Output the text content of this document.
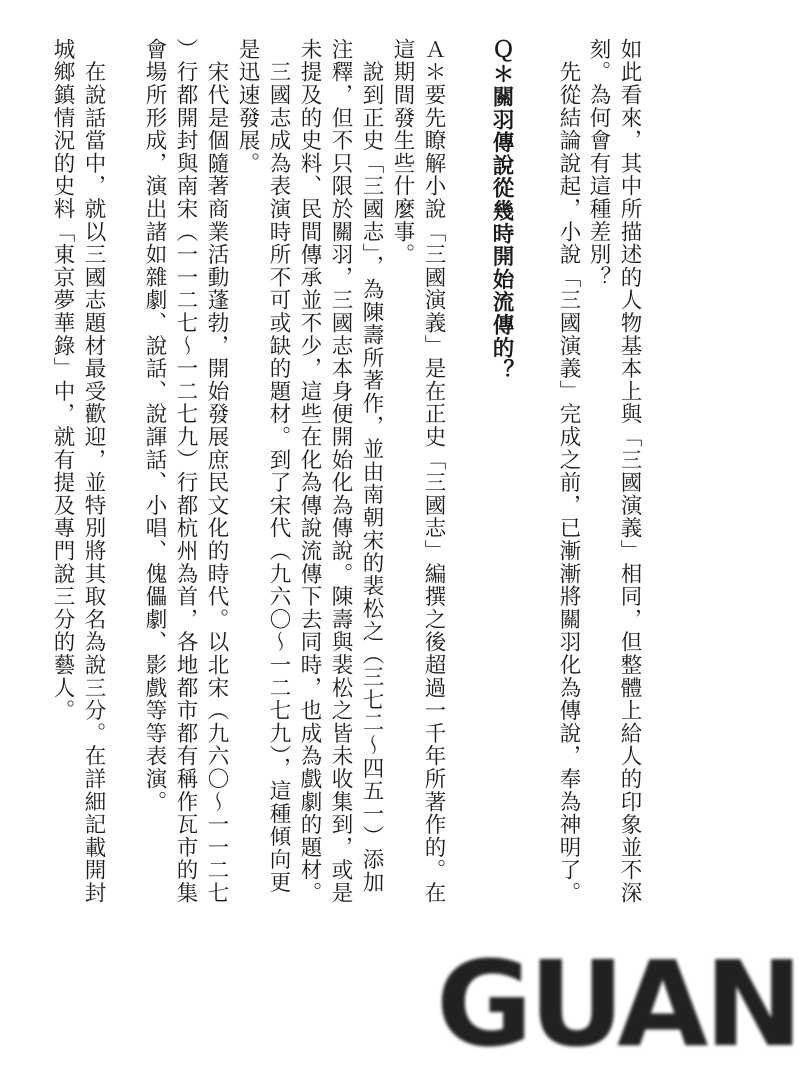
如此看來，其中所描述的人物基本上與「三國演義」相同，但整體上給人的印象並不深
刻。為何會有這種差別？
　先從結論說起，小說「三國演義」完成之前，已漸漸將關羽化為傳說，奉為神明了。
Ｑ＊關羽傳說從幾時開始流傳的？
Ａ＊要先瞭解小說「三國演義」是在正史「三國志」編撰之後超過一千年所著作的。在
這期間發生些什麼事。
　說到正史「三國志」，為陳壽所著作，並由南朝宋的裴松之（三七二〜四五一）添加
注釋，但不只限於關羽，三國志本身便開始化為傳說。陳壽與裴松之皆未收集到，或是
未提及的史料、民間傳承並不少，這些在化為傳說流傳下去同時，也成為戲劇的題材。
　三國志成為表演時所不可或缺的題材。到了宋代（九六〇〜一二七九），這種傾向更
是迅速發展。
　宋代是個隨著商業活動蓬勃，開始發展庶民文化的時代。以北宋（九六〇〜一一二七
）行都開封與南宋（一一二七〜一二七九）行都杭州為首，各地都市都有稱作瓦市的集
會場所形成，演出諸如雜劇、說話、說諢話、小唱、傀儡劇、影戲等等表演。
　在說話當中，就以三國志題材最受歡迎，並特別將其取名為說三分。在詳細記載開封
城鄉鎮情況的史料「東京夢華錄」中，就有提及專門說三分的藝人。
GUAN
